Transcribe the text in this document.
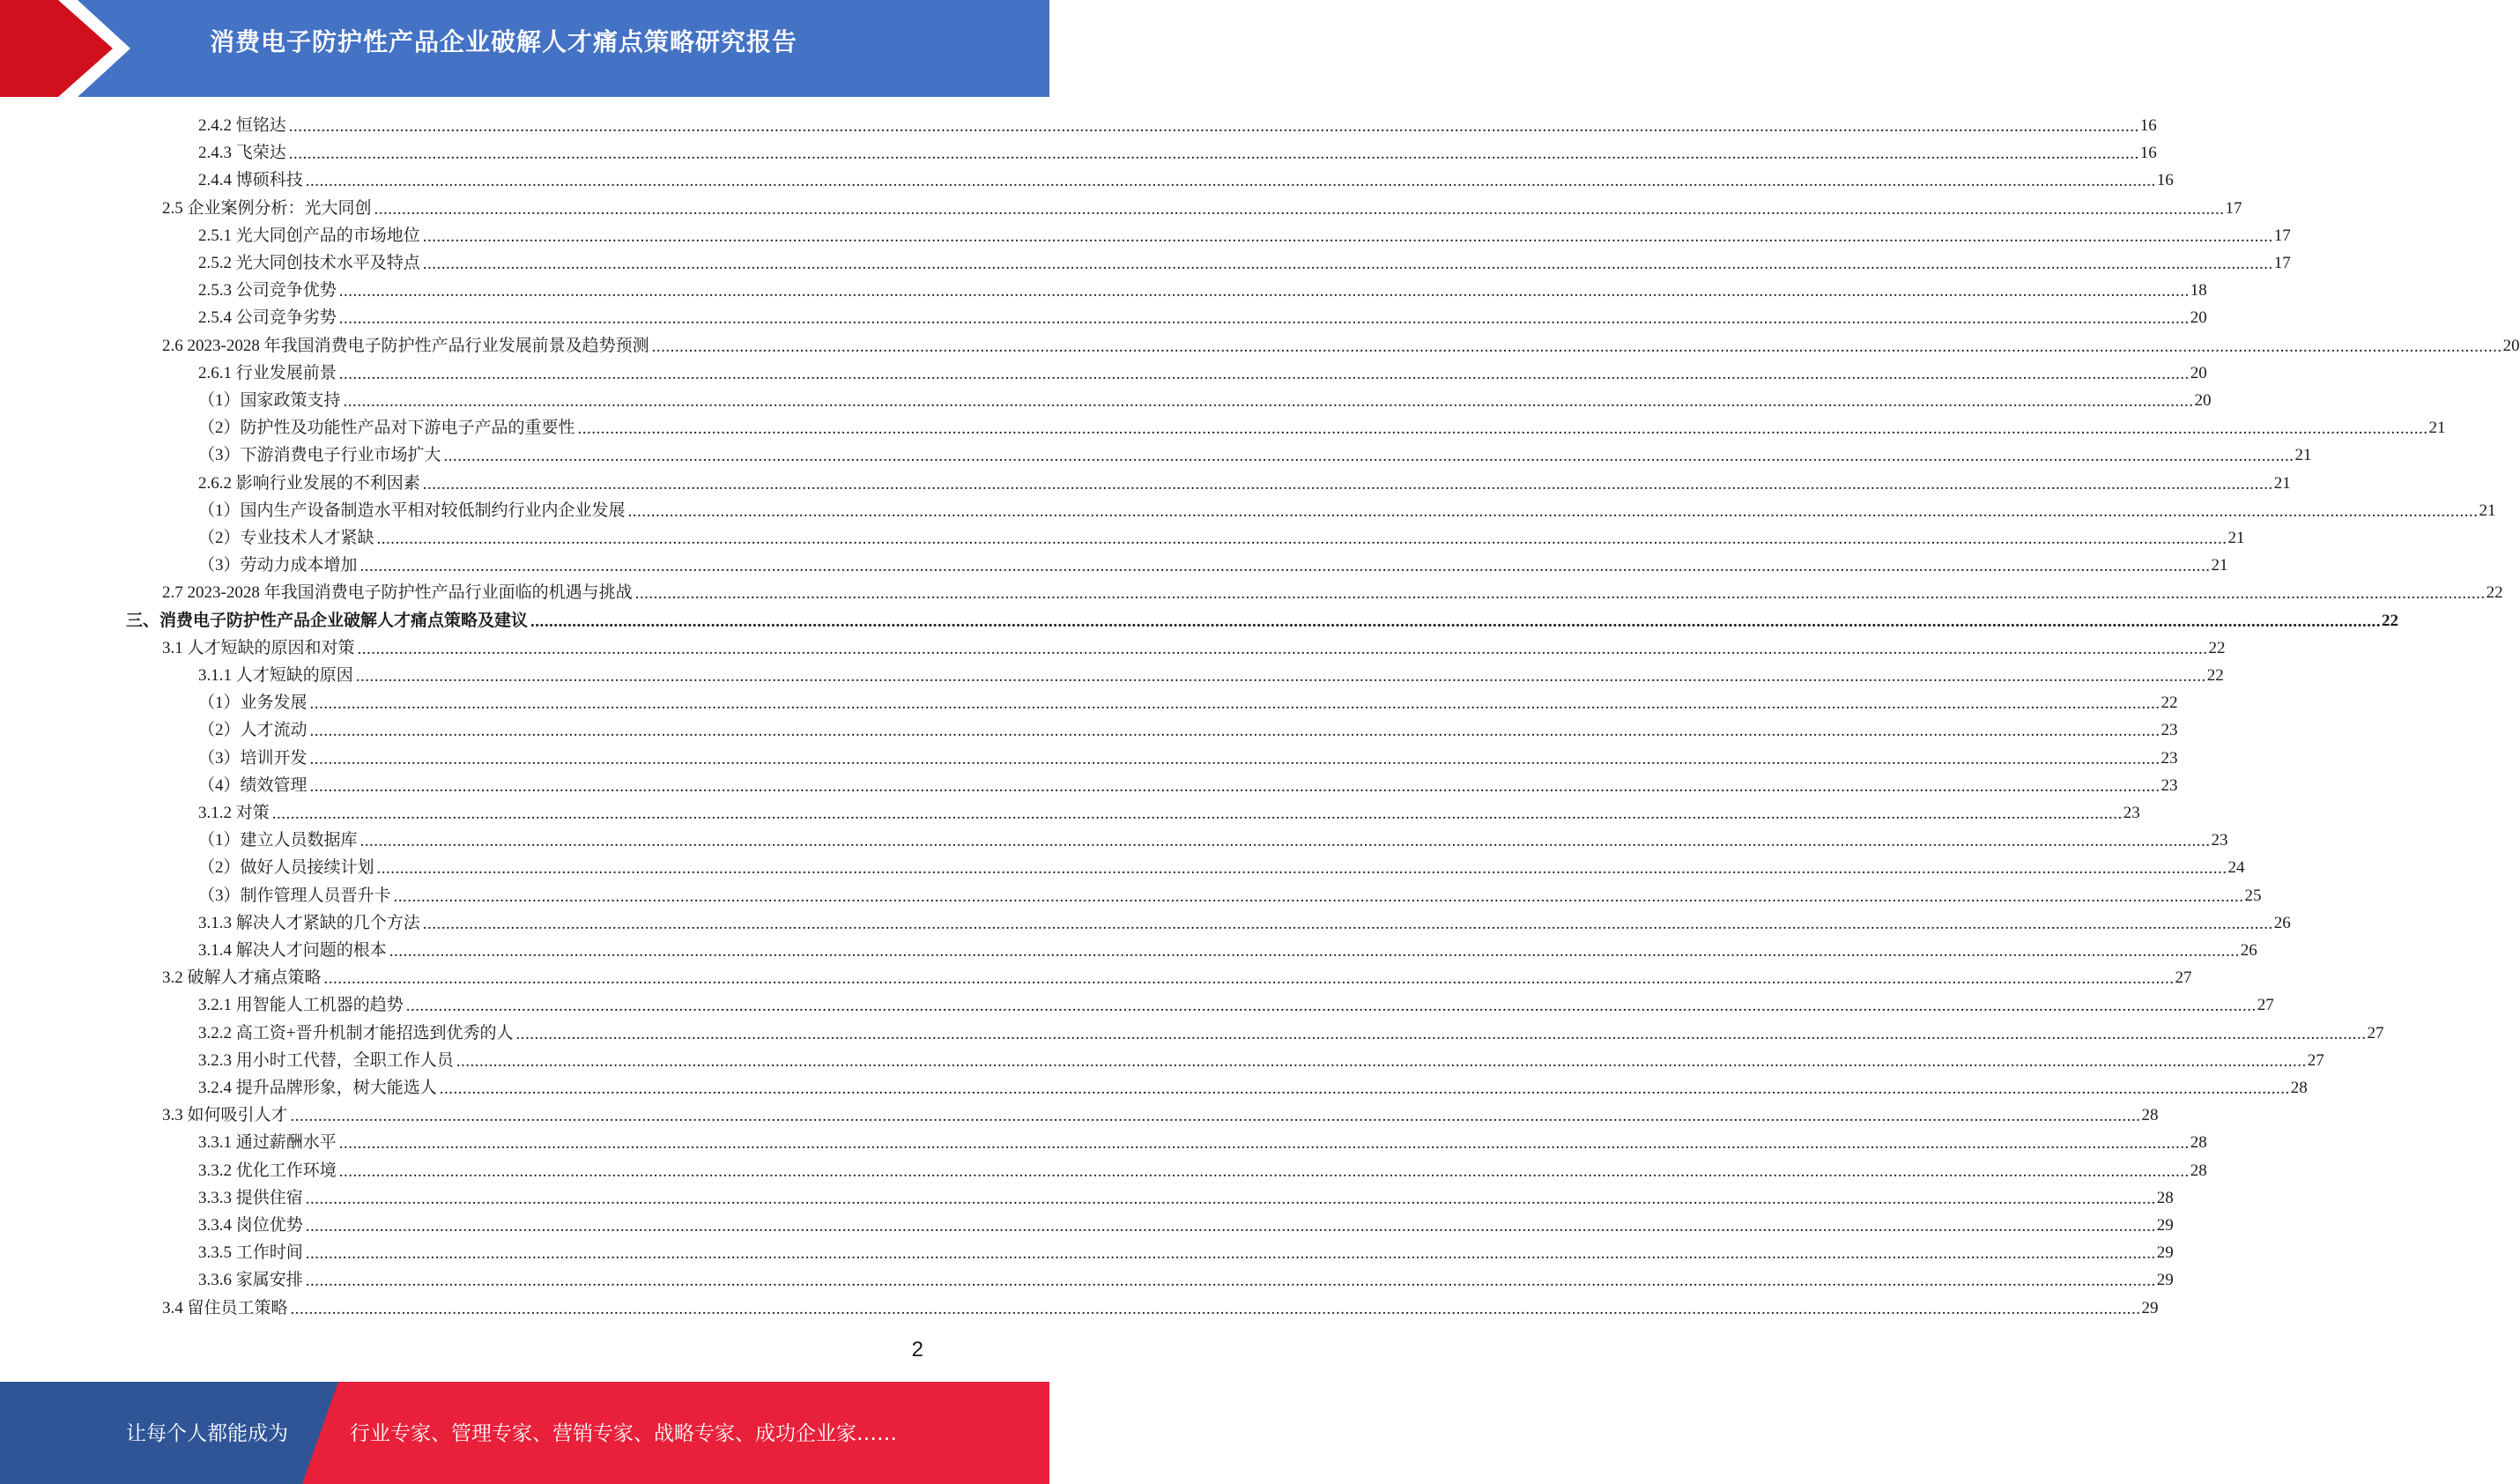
消费电子防护性产品企业破解人才痛点策略研究报告
2.4.2 恒铭达 ................................................................................................................................................................................................................................................................................................................................................................................................................ 16
2.4.3 飞荣达 ................................................................................................................................................................................................................................................................................................................................................................................................................ 16
2.4.4 博硕科技 ................................................................................................................................................................................................................................................................................................................................................................................................................ 16
2.5 企业案例分析：光大同创 ................................................................................................................................................................................................................................................................................................................................................................................................................ 17
2.5.1 光大同创产品的市场地位 ................................................................................................................................................................................................................................................................................................................................................................................................................ 17
2.5.2 光大同创技术水平及特点 ................................................................................................................................................................................................................................................................................................................................................................................................................ 17
2.5.3 公司竞争优势 ................................................................................................................................................................................................................................................................................................................................................................................................................ 18
2.5.4 公司竞争劣势 ................................................................................................................................................................................................................................................................................................................................................................................................................ 20
2.6 2023-2028 年我国消费电子防护性产品行业发展前景及趋势预测 ................................................................................................................................................................................................................................................................................................................................................................................................................ 20
2.6.1 行业发展前景 ................................................................................................................................................................................................................................................................................................................................................................................................................ 20
（1）国家政策支持 ................................................................................................................................................................................................................................................................................................................................................................................................................ 20
（2）防护性及功能性产品对下游电子产品的重要性 ................................................................................................................................................................................................................................................................................................................................................................................................................ 21
（3）下游消费电子行业市场扩大 ................................................................................................................................................................................................................................................................................................................................................................................................................ 21
2.6.2 影响行业发展的不利因素 ................................................................................................................................................................................................................................................................................................................................................................................................................ 21
（1）国内生产设备制造水平相对较低制约行业内企业发展 ................................................................................................................................................................................................................................................................................................................................................................................................................ 21
（2）专业技术人才紧缺 ................................................................................................................................................................................................................................................................................................................................................................................................................ 21
（3）劳动力成本增加 ................................................................................................................................................................................................................................................................................................................................................................................................................ 21
2.7 2023-2028 年我国消费电子防护性产品行业面临的机遇与挑战 ................................................................................................................................................................................................................................................................................................................................................................................................................ 22
三、消费电子防护性产品企业破解人才痛点策略及建议 ................................................................................................................................................................................................................................................................................................................................................................................................................ 22
3.1 人才短缺的原因和对策 ................................................................................................................................................................................................................................................................................................................................................................................................................ 22
3.1.1 人才短缺的原因 ................................................................................................................................................................................................................................................................................................................................................................................................................ 22
（1）业务发展 ................................................................................................................................................................................................................................................................................................................................................................................................................ 22
（2）人才流动 ................................................................................................................................................................................................................................................................................................................................................................................................................ 23
（3）培训开发 ................................................................................................................................................................................................................................................................................................................................................................................................................ 23
（4）绩效管理 ................................................................................................................................................................................................................................................................................................................................................................................................................ 23
3.1.2 对策 ................................................................................................................................................................................................................................................................................................................................................................................................................ 23
（1）建立人员数据库 ................................................................................................................................................................................................................................................................................................................................................................................................................ 23
（2）做好人员接续计划 ................................................................................................................................................................................................................................................................................................................................................................................................................ 24
（3）制作管理人员晋升卡 ................................................................................................................................................................................................................................................................................................................................................................................................................ 25
3.1.3 解决人才紧缺的几个方法 ................................................................................................................................................................................................................................................................................................................................................................................................................ 26
3.1.4 解决人才问题的根本 ................................................................................................................................................................................................................................................................................................................................................................................................................ 26
3.2 破解人才痛点策略 ................................................................................................................................................................................................................................................................................................................................................................................................................ 27
3.2.1 用智能人工机器的趋势 ................................................................................................................................................................................................................................................................................................................................................................................................................ 27
3.2.2 高工资+晋升机制才能招选到优秀的人 ................................................................................................................................................................................................................................................................................................................................................................................................................ 27
3.2.3 用小时工代替，全职工作人员 ................................................................................................................................................................................................................................................................................................................................................................................................................ 27
3.2.4 提升品牌形象，树大能选人 ................................................................................................................................................................................................................................................................................................................................................................................................................ 28
3.3 如何吸引人才 ................................................................................................................................................................................................................................................................................................................................................................................................................ 28
3.3.1 通过薪酬水平 ................................................................................................................................................................................................................................................................................................................................................................................................................ 28
3.3.2 优化工作环境 ................................................................................................................................................................................................................................................................................................................................................................................................................ 28
3.3.3 提供住宿 ................................................................................................................................................................................................................................................................................................................................................................................................................ 28
3.3.4 岗位优势 ................................................................................................................................................................................................................................................................................................................................................................................................................ 29
3.3.5 工作时间 ................................................................................................................................................................................................................................................................................................................................................................................................................ 29
3.3.6 家属安排 ................................................................................................................................................................................................................................................................................................................................................................................................................ 29
3.4 留住员工策略 ................................................................................................................................................................................................................................................................................................................................................................................................................ 29
2
让每个人都能成为	行业专家、管理专家、营销专家、战略专家、成功企业家……
